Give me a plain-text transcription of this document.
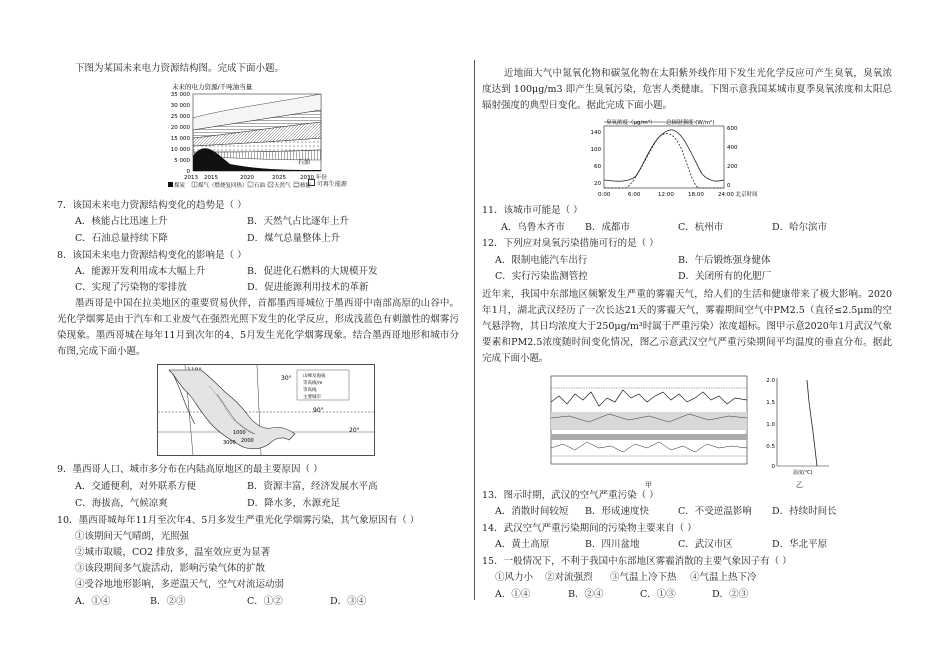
下图为某国未来电力资源结构图。完成下面小题。
未来的电力资源/千吨油当量
35 000
30 000
25 000
20 000
15 000
10 000
5 000
0
石油
2013 2015	2020	2025	2030 年份
煤炭 煤气（燃烧复回热） 石油 天然气 核能 可再生能源
7．该国未来电力资源结构变化的趋势是（ ）
A．核能占比迅速上升	B．天然气占比逐年上升
C．石油总量持续下降	D．煤气总量整体上升
8．该国未来电力资源结构变化的影响是（ ）
A．能源开发利用成本大幅上升	B．促进化石燃料的大规模开发
C．实现了污染物的零排放	D．促进能源利用技术的革新
墨西哥是中国在拉美地区的重要贸易伙伴，首都墨西哥城位于墨西哥中南部高原的山谷中。光化学烟雾是由于汽车和工业废气在强烈光照下发生的化学反应，形成浅蓝色有刺激性的烟雾污染现象。墨西哥城在每年11月到次年的4、5月发生光化学烟雾现象。结合墨西哥地形和城市分布图,完成下面小题。
30°
20°
90°
1000
2000
3000
山峰及海拔
等高线/m
等高线
主要城市
9．墨西哥人口、城市多分布在内陆高原地区的最主要原因（ ）
A．交通便利，对外联系方便	B．资源丰富，经济发展水平高
C．海拔高，气候凉爽	D．降水多，水源充足
10．墨西哥城每年11月至次年4、5月多发生严重光化学烟雾污染，其气象原因有（ ）
①该期间天气晴朗，光照强
②城市取暖，CO2 排放多，温室效应更为显著
③该段期间多气旋活动，影响污染气体的扩散
④受谷地地形影响，多逆温天气，空气对流运动弱
A．①④	B．②③	C．①②	D．③④
近地面大气中氮氧化物和碳氢化物在太阳紫外线作用下发生光化学反应可产生臭氧，臭氧浓度达到 100μg/m3 即产生臭氧污染，危害人类健康。下图示意我国某城市夏季臭氧浓度和太阳总辐射强度的典型日变化。据此完成下面小题。
臭氧浓度（μg/m³） 总辐射强度 (W/m²)
140
100
60
20
600
400
200
0
0:00	6:00	12:00	18:00	24:00 北京时间
11．该城市可能是（ ）
A．乌鲁木齐市 B．成都市	C．杭州市	D．哈尔滨市
12．下列应对臭氧污染措施可行的是（ ）
A．限制电能汽车出行	B．午后锻炼强身健体
C．实行污染监测管控	D．关闭所有的化肥厂
近年来，我国中东部地区频繁发生严重的雾霾天气，给人们的生活和健康带来了极大影响。2020年1月，湖北武汉经历了一次长达21天的雾霾天气，雾霾期间空气中PM2.5（直径≤2.5μm的空气悬浮物，其日均浓度大于250μg/m³时属于严重污染）浓度超标。图甲示意2020年1月武汉气象要素和PM2.5浓度随时间变化情况，图乙示意武汉空气严重污染期间平均温度的垂直分布。据此完成下面小题。
甲
2.0
1.5
1.0
0.5
0
温度(℃)
乙
13．图示时期，武汉的空气严重污染（ ）
A．消散时间较短 B．形成速度快	C．不受逆温影响 D．持续时间长
14．武汉空气严重污染期间的污染物主要来自（ ）
A．黄土高原	B．四川盆地	C．武汉市区	D．华北平原
15．一般情况下，不利于我国中东部地区雾霾消散的主要气象因子有（ ）
①风力小 ②对流强烈 ③气温上冷下热 ④气温上热下冷
A．①④	B．②④	C．①③	D．②③
